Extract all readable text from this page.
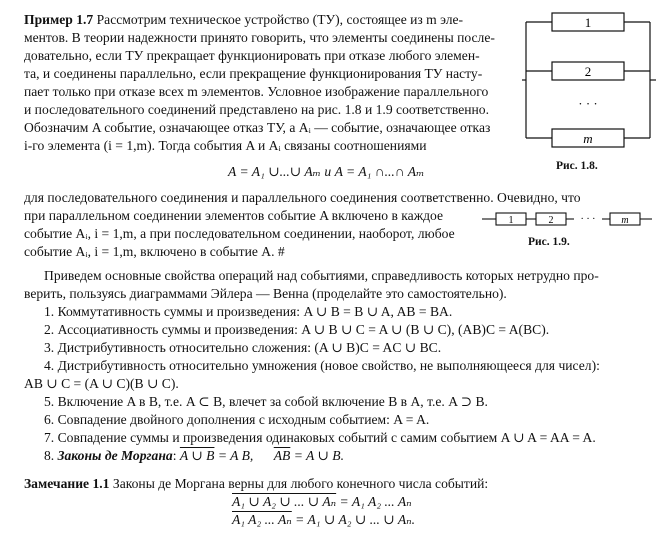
Пример 1.7 Рассмотрим техническое устройство (ТУ), состоящее из m эле-
ментов. В теории надежности принято говорить, что элементы соединены после-
довательно, если ТУ прекращает функционировать при отказе любого элемен-
та, и соединены параллельно, если прекращение функционирования ТУ насту-
пает только при отказе всех m элементов. Условное изображение параллельного
и последовательного соединений представлено на рис. 1.8 и 1.9 соответственно.
Обозначим A событие, означающее отказ ТУ, а Aᵢ — событие, означающее отказ
i-го элемента (i = 1,m). Тогда события A и Aᵢ связаны соотношениями
1
2
m
· · ·
Рис. 1.8.
A = A₁ ∪...∪ Aₘ и A = A₁ ∩...∩ Aₘ
для последовательного соединения и параллельного соединения соответственно. Очевидно, что
при параллельном соединении элементов событие A включено в каждое
событие Aᵢ, i = 1,m, а при последовательном соединении, наоборот, любое
событие Aᵢ, i = 1,m, включено в событие A. #
· · ·
1	2	m
Рис. 1.9.
Приведем основные свойства операций над событиями, справедливость которых нетрудно про-
верить, пользуясь диаграммами Эйлера — Венна (проделайте это самостоятельно).
1. Коммутативность суммы и произведения: A ∪ B = B ∪ A, AB = BA.
2. Ассоциативность суммы и произведения: A ∪ B ∪ C = A ∪ (B ∪ C), (AB)C = A(BC).
3. Дистрибутивность относительно сложения: (A ∪ B)C = AC ∪ BC.
4. Дистрибутивность относительно умножения (новое свойство, не выполняющееся для чисел):
AB ∪ C = (A ∪ C)(B ∪ C).
5. Включение A в B, т.е. A ⊂ B, влечет за собой включение B в A, т.е. A ⊃ B.
6. Совпадение двойного дополнения с исходным событием: A = A.
7. Совпадение суммы и произведения одинаковых событий с самим событием A ∪ A = AA = A.
8. Законы де Моргана: A ∪ B = A B, $\overline{AB} = A$ ∪ B.
Замечание 1.1 Законы де Моргана верны для любого конечного числа событий:
A₁ ∪ A₂ ∪ ... ∪ Aₙ = A₁ A₂ ... Aₙ
A₁ A₂ ... Aₙ = A₁ ∪ A₂ ∪ ... ∪ Aₙ.
